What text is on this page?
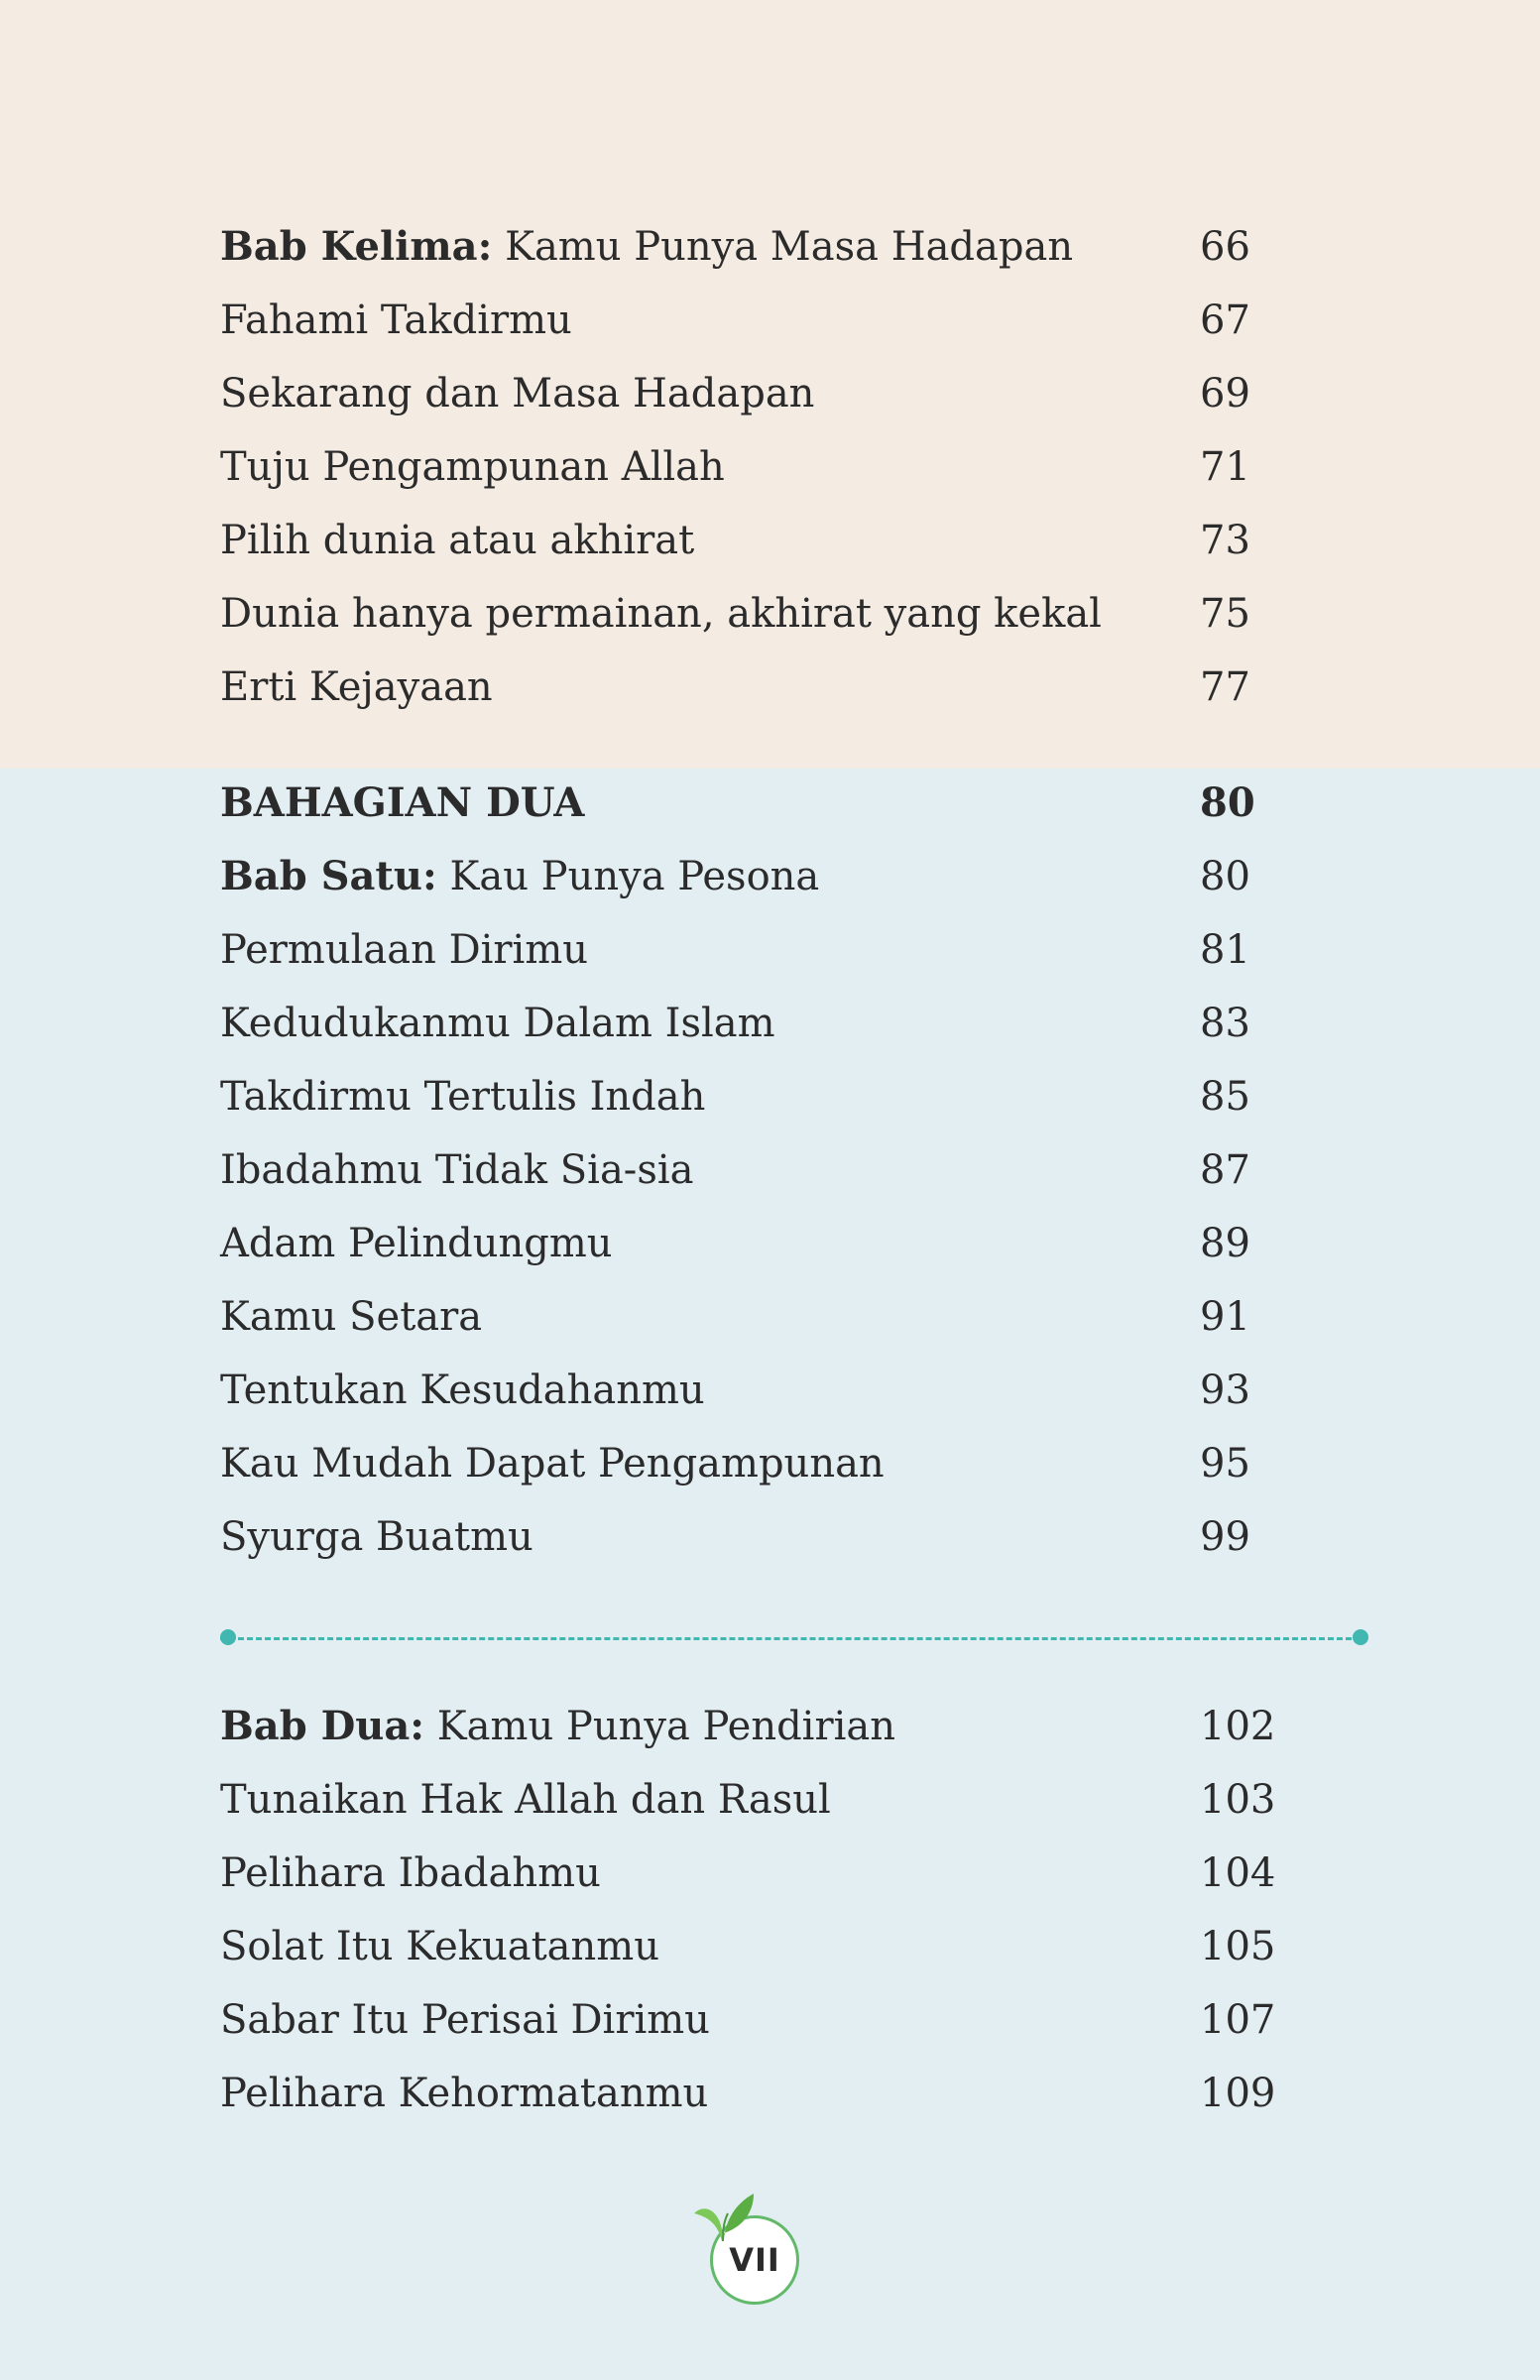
Bab Kelima: Kamu Punya Masa Hadapan	66
Fahami Takdirmu	67
Sekarang dan Masa Hadapan	69
Tuju Pengampunan Allah	71
Pilih dunia atau akhirat	73
Dunia hanya permainan, akhirat yang kekal	75
Erti Kejayaan	77
BAHAGIAN DUA	80
Bab Satu: Kau Punya Pesona	80
Permulaan Dirimu	81
Kedudukanmu Dalam Islam	83
Takdirmu Tertulis Indah	85
Ibadahmu Tidak Sia-sia	87
Adam Pelindungmu	89
Kamu Setara	91
Tentukan Kesudahanmu	93
Kau Mudah Dapat Pengampunan	95
Syurga Buatmu	99
Bab Dua: Kamu Punya Pendirian	102
Tunaikan Hak Allah dan Rasul	103
Pelihara Ibadahmu	104
Solat Itu Kekuatanmu	105
Sabar Itu Perisai Dirimu	107
Pelihara Kehormatanmu	109
VII
